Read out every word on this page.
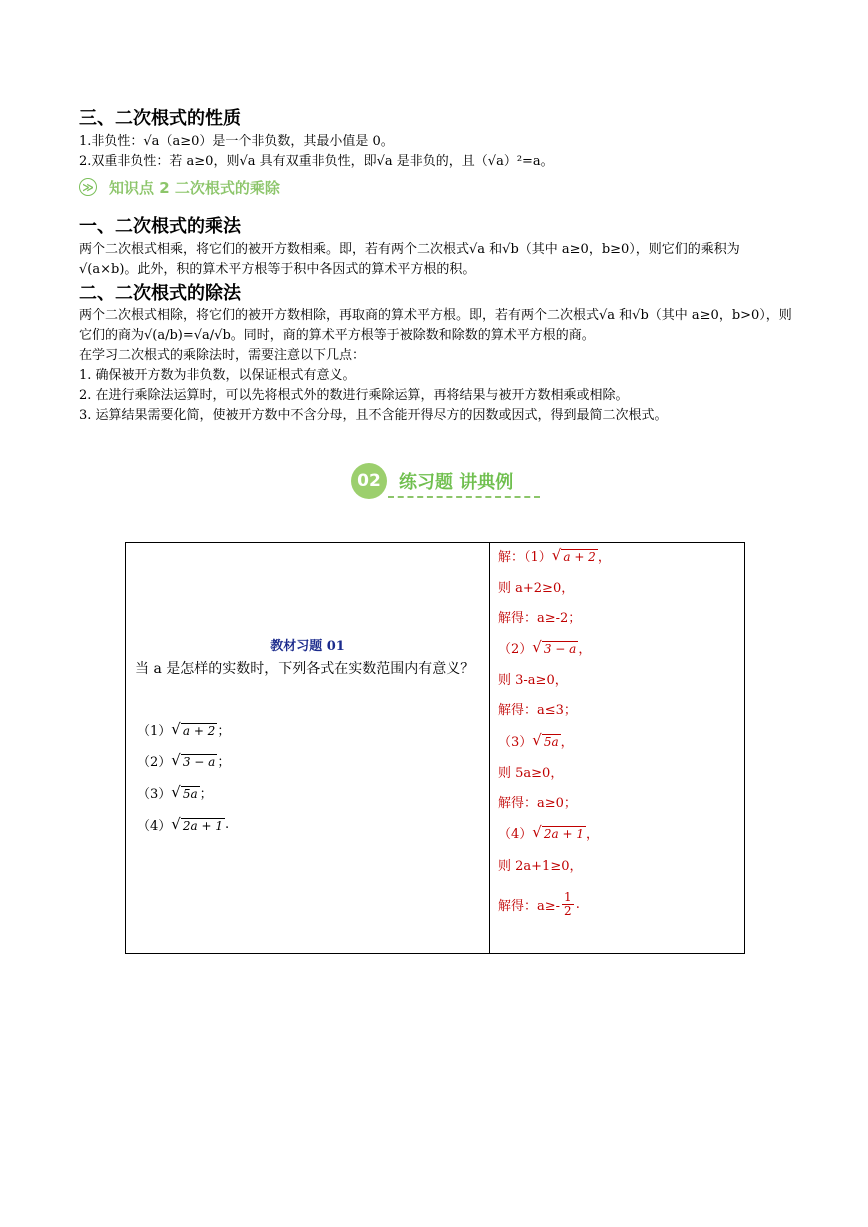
三、二次根式的性质
1.非负性：√a（a≥0）是一个非负数，其最小值是 0。
2.双重非负性：若 a≥0，则√a 具有双重非负性，即√a 是非负的，且（√a）²=a。
≫ 知识点 2 二次根式的乘除
一、二次根式的乘法
两个二次根式相乘，将它们的被开方数相乘。即，若有两个二次根式√a 和√b（其中 a≥0，b≥0），则它们的乘积为√(a×b)。此外，积的算术平方根等于积中各因式的算术平方根的积。
二、二次根式的除法
两个二次根式相除，将它们的被开方数相除，再取商的算术平方根。即，若有两个二次根式√a 和√b（其中 a≥0，b>0），则它们的商为√(a/b)=√a/√b。同时，商的算术平方根等于被除数和除数的算术平方根的商。
在学习二次根式的乘除法时，需要注意以下几点：
1. 确保被开方数为非负数，以保证根式有意义。
2. 在进行乘除法运算时，可以先将根式外的数进行乘除运算，再将结果与被开方数相乘或相除。
3. 运算结果需要化简，使被开方数中不含分母，且不含能开得尽方的因数或因式，得到最简二次根式。
02	练习题 讲典例
教材习题 01
当 a 是怎样的实数时，下列各式在实数范围内有意义？
（1） √ a + 2 ；
（2） √ 3 − a ；
（3） √ 5a ；
（4） √ 2a + 1 .

解：（1） √ a + 2 ，
则 a+2≥0，
解得：a≥-2；
（2） √ 3 − a ，
则 3-a≥0，
解得：a≤3；
（3） √ 5a ，
则 5a≥0，
解得：a≥0；
（4） √ 2a + 1 ，
则 2a+1≥0，
解得：$a\ge- \frac{1}{2}$ .
